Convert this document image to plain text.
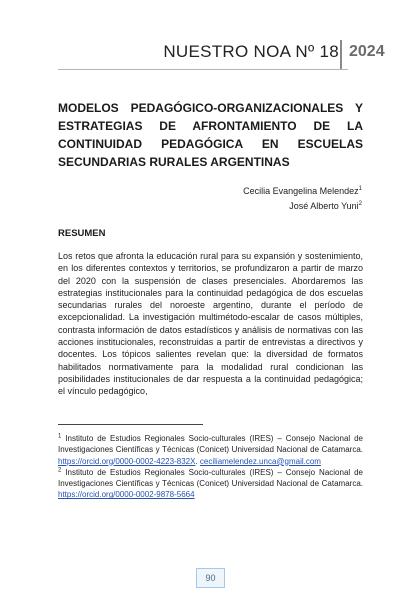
NUESTRO NOA Nº 18 2024
MODELOS PEDAGÓGICO-ORGANIZACIONALES Y ESTRATEGIAS DE AFRONTAMIENTO DE LA CONTINUIDAD PEDAGÓGICA EN ESCUELAS SECUNDARIAS RURALES ARGENTINAS
Cecilia Evangelina Melendez$^1$
José Alberto Yuni$^2$
RESUMEN

Los retos que afronta la educación rural para su expansión y sostenimiento, en los diferentes contextos y territorios, se profundizaron a partir de marzo del 2020 con la suspensión de clases presenciales. Abordaremos las estrategias institucionales para la continuidad pedagógica de dos escuelas secundarias rurales del noroeste argentino, durante el período de excepcionalidad. La investigación multimétodo-escalar de casos múltiples, contrasta información de datos estadísticos y análisis de normativas con las acciones institucionales, reconstruidas a partir de entrevistas a directivos y docentes. Los tópicos salientes revelan que: la diversidad de formatos habilitados normativamente para la modalidad rural condicionan las posibilidades institucionales de dar respuesta a la continuidad pedagógica; el vínculo pedagógico,

$^1$ Instituto de Estudios Regionales Socio-culturales (IRES) – Consejo Nacional de Investigaciones Científicas y Técnicas (Conicet) Universidad Nacional de Catamarca. https://orcid.org/0000-0002-4223-832X. ceciliamelendez.unca@gmail.com

$^2$ Instituto de Estudios Regionales Socio-culturales (IRES) – Consejo Nacional de Investigaciones Científicas y Técnicas (Conicet) Universidad Nacional de Catamarca. https://orcid.org/0000-0002-9878-5664

90
